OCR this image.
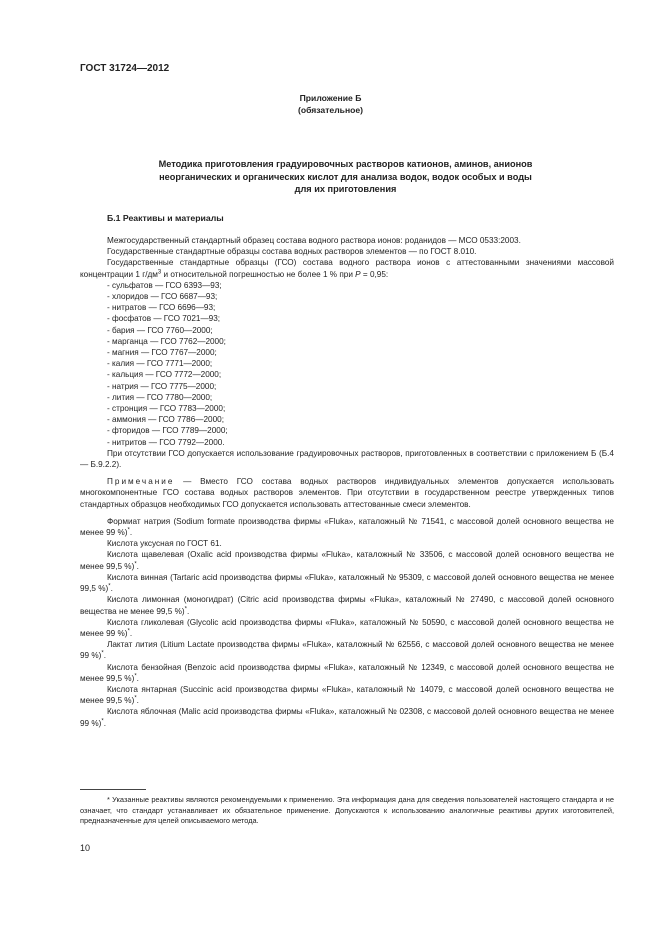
ГОСТ 31724—2012
Приложение Б
(обязательное)
Методика приготовления градуировочных растворов катионов, аминов, анионов
неорганических и органических кислот для анализа водок, водок особых и воды
для их приготовления
Б.1 Реактивы и материалы

Межгосударственный стандартный образец состава водного раствора ионов: роданидов — МСО 0533:2003.

Государственные стандартные образцы состава водных растворов элементов — по ГОСТ 8.010.

Государственные стандартные образцы (ГСО) состава водного раствора ионов с аттестованными значениями массовой концентрации 1 $г/дм^3$ и относительной погрешностью не более 1 % при Р = 0,95:

- сульфатов — ГСО 6393—93;

- хлоридов — ГСО 6687—93;

- нитратов — ГСО 6696—93;

- фосфатов — ГСО 7021—93;

- бария — ГСО 7760—2000;

- марганца — ГСО 7762—2000;

- магния — ГСО 7767—2000;

- калия — ГСО 7771—2000;

- кальция — ГСО 7772—2000;

- натрия — ГСО 7775—2000;

- лития — ГСО 7780—2000;

- стронция — ГСО 7783—2000;

- аммония — ГСО 7786—2000;

- фторидов — ГСО 7789—2000;

- нитритов — ГСО 7792—2000.

При отсутствии ГСО допускается использование градуировочных растворов, приготовленных в соответствии с приложением Б (Б.4 — Б.9.2.2).

Примечание — Вместо ГСО состава водных растворов индивидуальных элементов допускается использовать многокомпонентные ГСО состава водных растворов элементов. При отсутствии в государственном реестре утвержденных типов стандартных образцов необходимых ГСО допускается использовать аттестованные смеси элементов.

Формиат натрия (Sodium formate производства фирмы «Fluka», каталожный № 71541, с массовой долей основного вещества не менее 99 %)*.

Кислота уксусная по ГОСТ 61.

Кислота щавелевая (Oxalic acid производства фирмы «Fluka», каталожный № 33506, с массовой долей основного вещества не менее 99,5 %)*.

Кислота винная (Tartaric acid производства фирмы «Fluka», каталожный № 95309, с массовой долей основного вещества не менее 99,5 %)*.

Кислота лимонная (моногидрат) (Citric acid производства фирмы «Fluka», каталожный № 27490, с массовой долей основного вещества не менее 99,5 %)*.

Кислота гликолевая (Glycolic acid производства фирмы «Fluka», каталожный № 50590, с массовой долей основного вещества не менее 99 %)*.

Лактат лития (Litium Lactate производства фирмы «Fluka», каталожный № 62556, с массовой долей основного вещества не менее 99 %)*.

Кислота бензойная (Benzoic acid производства фирмы «Fluka», каталожный № 12349, с массовой долей основного вещества не менее 99,5 %)*.

Кислота янтарная (Succinic acid производства фирмы «Fluka», каталожный № 14079, с массовой долей основного вещества не менее 99,5 %)*.

Кислота яблочная (Malic acid производства фирмы «Fluka», каталожный № 02308, с массовой долей основного вещества не менее 99 %)*.

* Указанные реактивы являются рекомендуемыми к применению. Эта информация дана для сведения пользователей настоящего стандарта и не означает, что стандарт устанавливает их обязательное применение. Допускаются к использованию аналогичные реактивы других изготовителей, предназначенные для целей описываемого метода.
10
